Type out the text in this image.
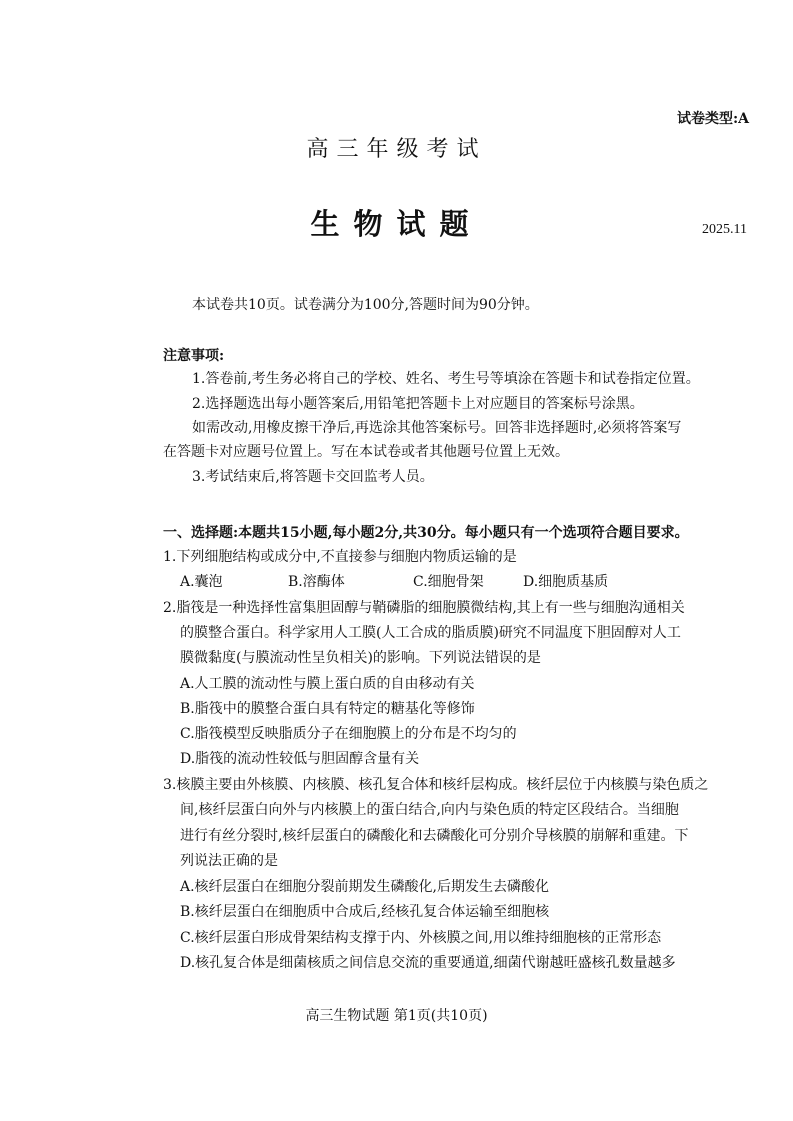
试卷类型:A
高三年级考试
生物试题	2025.11
本试卷共10页。试卷满分为100分,答题时间为90分钟。
注意事项:
1.答卷前,考生务必将自己的学校、姓名、考生号等填涂在答题卡和试卷指定位置。
2.选择题选出每小题答案后,用铅笔把答题卡上对应题目的答案标号涂黑。
如需改动,用橡皮擦干净后,再选涂其他答案标号。回答非选择题时,必须将答案写
在答题卡对应题号位置上。写在本试卷或者其他题号位置上无效。
3.考试结束后,将答题卡交回监考人员。
一、选择题:本题共15小题,每小题2分,共30分。每小题只有一个选项符合题目要求。
1.下列细胞结构或成分中,不直接参与细胞内物质运输的是
A.囊泡	B.溶酶体	C.细胞骨架	D.细胞质基质
2.脂筏是一种选择性富集胆固醇与鞘磷脂的细胞膜微结构,其上有一些与细胞沟通相关
的膜整合蛋白。科学家用人工膜(人工合成的脂质膜)研究不同温度下胆固醇对人工
膜微黏度(与膜流动性呈负相关)的影响。下列说法错误的是
A.人工膜的流动性与膜上蛋白质的自由移动有关
B.脂筏中的膜整合蛋白具有特定的糖基化等修饰
C.脂筏模型反映脂质分子在细胞膜上的分布是不均匀的
D.脂筏的流动性较低与胆固醇含量有关
3.核膜主要由外核膜、内核膜、核孔复合体和核纤层构成。核纤层位于内核膜与染色质之
间,核纤层蛋白向外与内核膜上的蛋白结合,向内与染色质的特定区段结合。当细胞
进行有丝分裂时,核纤层蛋白的磷酸化和去磷酸化可分别介导核膜的崩解和重建。下
列说法正确的是
A.核纤层蛋白在细胞分裂前期发生磷酸化,后期发生去磷酸化
B.核纤层蛋白在细胞质中合成后,经核孔复合体运输至细胞核
C.核纤层蛋白形成骨架结构支撑于内、外核膜之间,用以维持细胞核的正常形态
D.核孔复合体是细菌核质之间信息交流的重要通道,细菌代谢越旺盛核孔数量越多
高三生物试题 第1页(共10页)
